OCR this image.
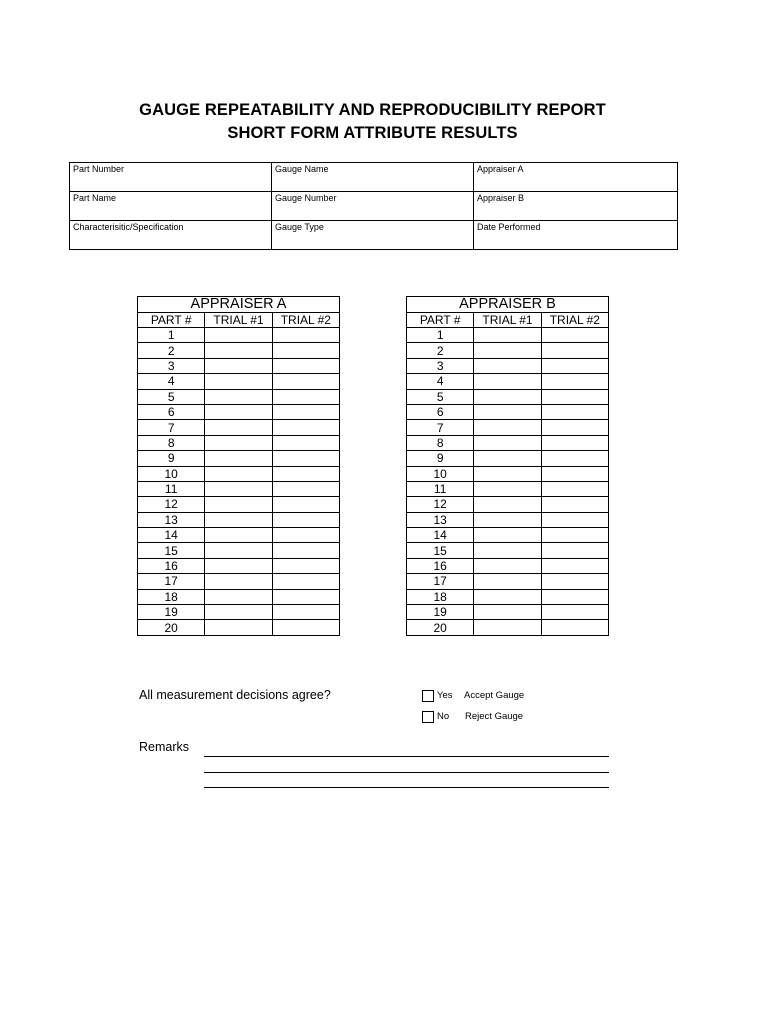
GAUGE REPEATABILITY AND REPRODUCIBILITY REPORT
SHORT FORM ATTRIBUTE RESULTS
Part Number	Gauge Name	Appraiser A
Part Name	Gauge Number	Appraiser B
Characterisitic/Specification	Gauge Type	Date Performed
APPRAISER A		
PART #	TRIAL #1	TRIAL #2
1		
2		
3		
4		
5		
6		
7		
8		
9		
10		
11		
12		
13		
14		
15		
16		
17		
18		
19		
20		
APPRAISER B		
PART #	TRIAL #1	TRIAL #2
1		
2		
3		
4		
5		
6		
7		
8		
9		
10		
11		
12		
13		
14		
15		
16		
17		
18		
19		
20		
All measurement decisions agree?	Yes Accept Gauge
No Reject Gauge
Remarks
